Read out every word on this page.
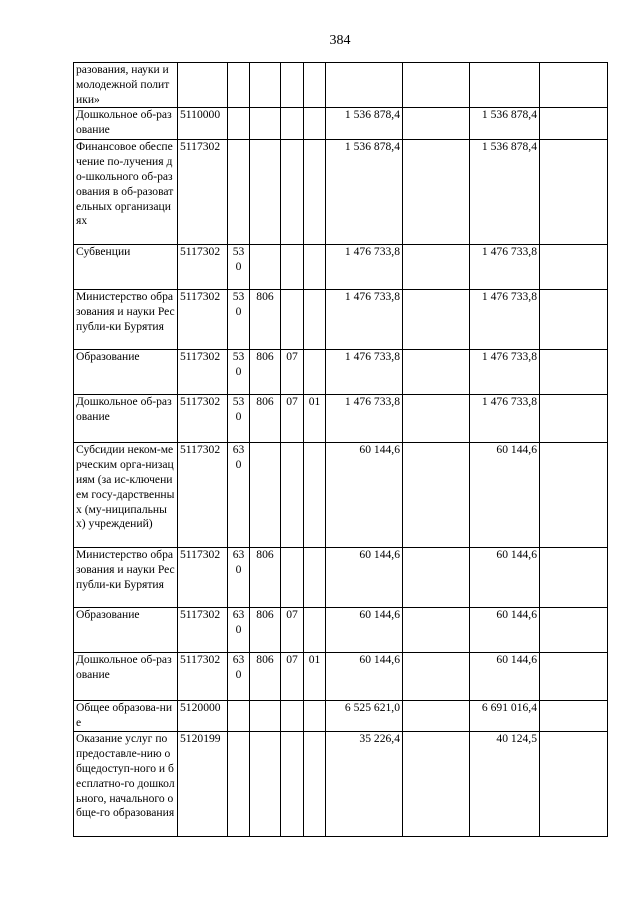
384
разования, науки и молодежной политики»									
Дошкольное об-разование	5110000					1 536 878,4		1 536 878,4	
Финансовое обеспечение по-лучения до-школьного об-разования в об-разовательных организациях	5117302					1 536 878,4		1 536 878,4	
Субвенции	5117302	530				1 476 733,8		1 476 733,8	
Министерство образования и науки Республи-ки Бурятия	5117302	530	806			1 476 733,8		1 476 733,8	
Образование	5117302	530	806	07		1 476 733,8		1 476 733,8	
Дошкольное об-разование	5117302	530	806	07	01	1 476 733,8		1 476 733,8	
Субсидии неком-мерческим орга-низациям (за ис-ключением госу-дарственных (му-ниципальных) учреждений)	5117302	630				60 144,6		60 144,6	
Министерство образования и науки Республи-ки Бурятия	5117302	630	806			60 144,6		60 144,6	
Образование	5117302	630	806	07		60 144,6		60 144,6	
Дошкольное об-разование	5117302	630	806	07	01	60 144,6		60 144,6	
Общее образова-ние	5120000					6 525 621,0		6 691 016,4	
Оказание услуг по предоставле-нию общедоступ-ного и бесплатно-го дошкольного, начального обще-го образования	5120199					35 226,4		40 124,5	
